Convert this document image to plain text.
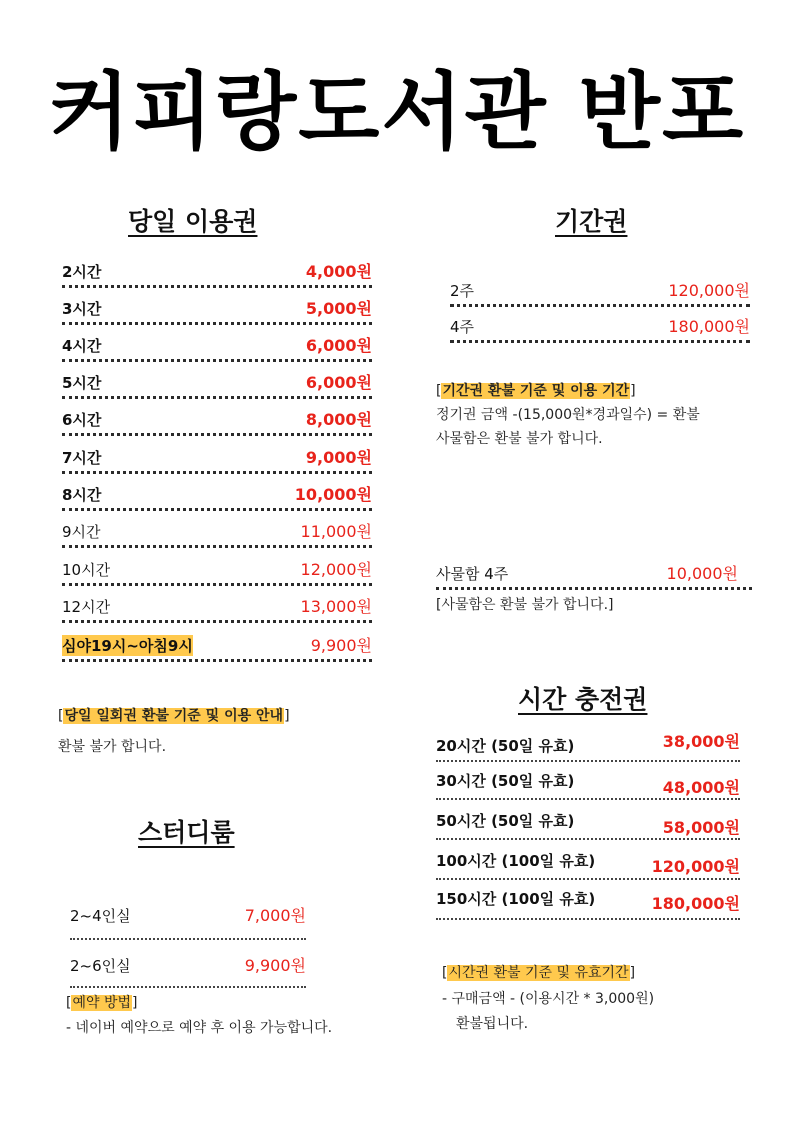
커피랑도서관 반포
당일 이용권
2시간	4,000원
3시간	5,000원
4시간	6,000원
5시간	6,000원
6시간	8,000원
7시간	9,000원
8시간	10,000원
9시간	11,000원
10시간	12,000원
12시간	13,000원
심야19시~아침9시	9,900원
[당일 일회권 환불 기준 및 이용 안내]
환불 불가 합니다.
스터디룸
2~4인실	7,000원
2~6인실	9,900원
[예약 방법]
- 네이버 예약으로 예약 후 이용 가능합니다.
기간권
2주	120,000원
4주	180,000원
[기간권 환불 기준 및 이용 기간]
정기권 금액 -(15,000원*경과일수) = 환불
사물함은 환불 불가 합니다.
사물함 4주	10,000원
[사물함은 환불 불가 합니다.]
시간 충전권
20시간 (50일 유효)	38,000원
30시간 (50일 유효)	48,000원
50시간 (50일 유효)	58,000원
100시간 (100일 유효)	120,000원
150시간 (100일 유효)	180,000원
[시간권 환불 기준 및 유효기간]
- 구매금액 - (이용시간 * 3,000원)
환불됩니다.
